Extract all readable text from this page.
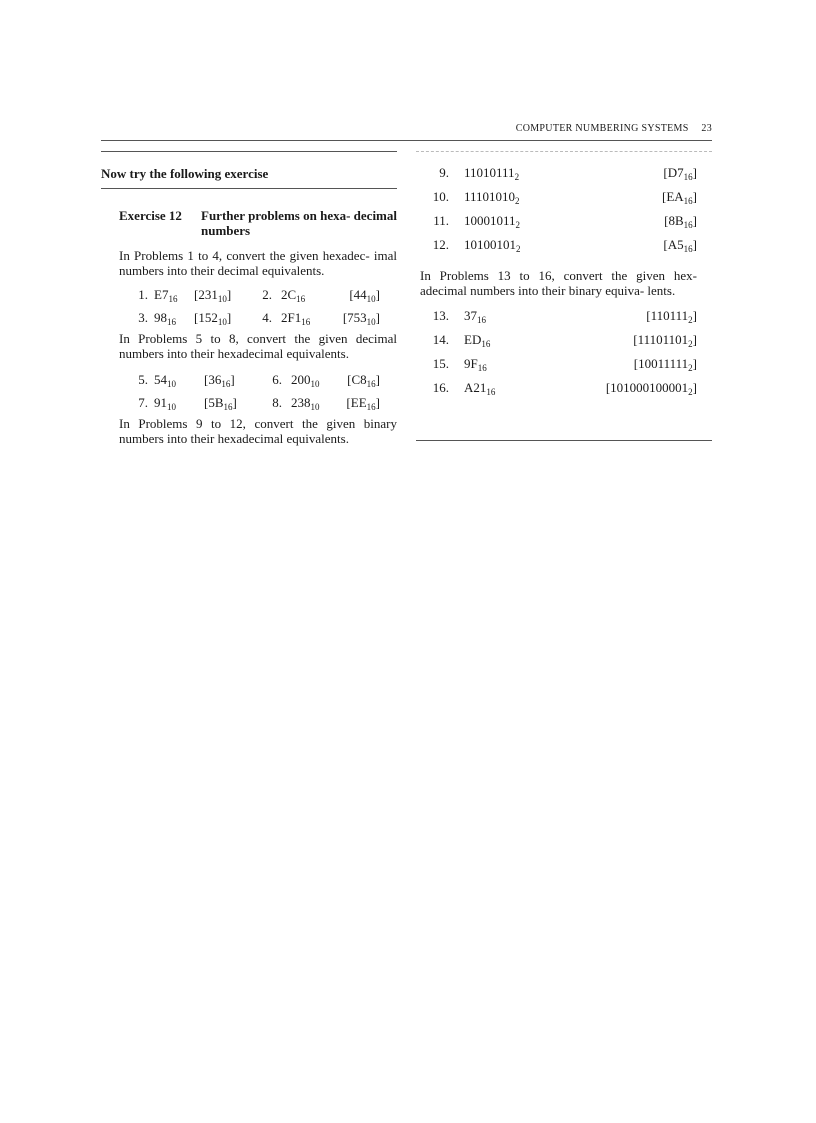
COMPUTER NUMBERING SYSTEMS 23
Now try the following exercise
Exercise 12	Further problems on hexa- decimal numbers

In Problems 1 to 4, convert the given hexadec- imal numbers into their decimal equivalents.

1. $E7_{16}$	$[231_{10}]$	2. $2C_{16}$	$[44_{10}]$
3. $98_{16}$	$[152_{10}]$	4. $2F1_{16}$	$[753_{10}]$

In Problems 5 to 8, convert the given decimal numbers into their hexadecimal equivalents.

5. $54_{10}$	$[36_{16}]$	6. $200_{10}$	$[C8_{16}]$
7. $91_{10}$	$[5B_{16}]$	8. $238_{10}$	$[EE_{16}]$

In Problems 9 to 12, convert the given binary numbers into their hexadecimal equivalents.

9. $11010111_2$	$[D7_{16}]$
10. $11101010_2$	$[EA_{16}]$
11. $10001011_2$	$[8B_{16}]$
12. $10100101_2$	$[A5_{16}]$

In Problems 13 to 16, convert the given hex- adecimal numbers into their binary equiva- lents.

13. $37_{16}$	$[110111_2]$
14. $ED_{16}$	$[11101101_2]$
15. $9F_{16}$	$[10011111_2]$
16. $A21_{16}$	$[101000100001_2]$
